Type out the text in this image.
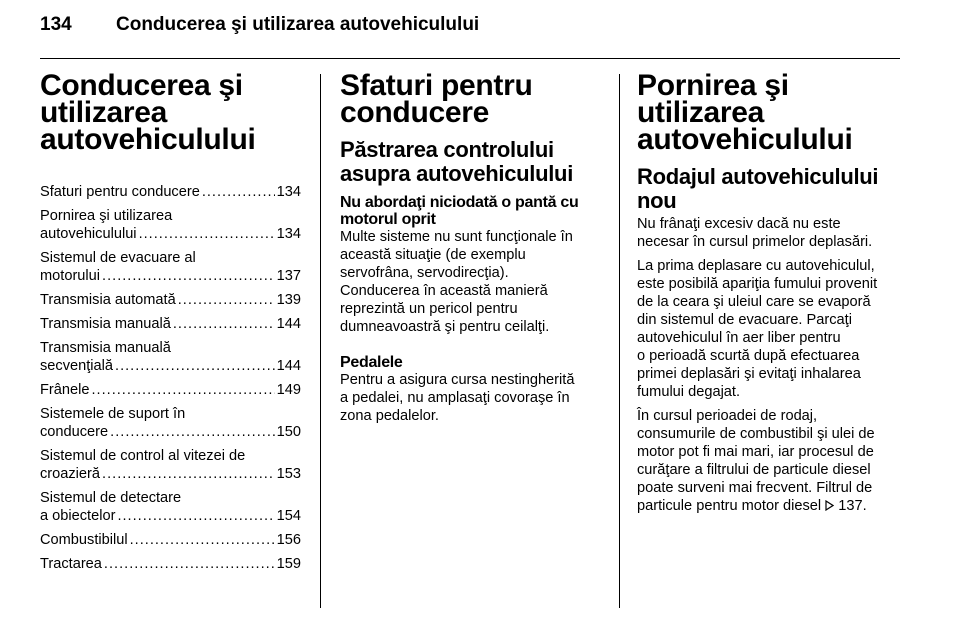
134 Conducerea şi utilizarea autovehiculului
Conducerea şi
utilizarea
autovehiculului
Sfaturi pentru conducere .....	134
Pornirea şi utilizarea
autovehiculului .....	134
Sistemul de evacuare al
motorului .....	137
Transmisia automată .....	139
Transmisia manuală .....	144
Transmisia manuală
secvenţială .....	144
Frânele .....	149
Sistemele de suport în
conducere .....	150
Sistemul de control al vitezei de
croazieră .....	153
Sistemul de detectare
a obiectelor .....	154
Combustibilul .....	156
Tractarea .....	159
Sfaturi pentru
conducere
Păstrarea controlului
asupra autovehiculului
Nu abordaţi niciodată o pantă cu
motorul oprit
Multe sisteme nu sunt funcţionale în
această situaţie (de exemplu
servofrâna, servodirecţia).
Conducerea în această manieră
reprezintă un pericol pentru
dumneavoastră şi pentru ceilalţi.
Pedalele
Pentru a asigura cursa nestingherită
a pedalei, nu amplasaţi covoraşe în
zona pedalelor.
Pornirea şi utilizarea
autovehiculului
Rodajul autovehiculului
nou
Nu frânaţi excesiv dacă nu este
necesar în cursul primelor deplasări.
La prima deplasare cu autovehiculul,
este posibilă apariţia fumului provenit
de la ceara şi uleiul care se evaporă
din sistemul de evacuare. Parcaţi
autovehiculul în aer liber pentru
o perioadă scurtă după efectuarea
primei deplasări şi evitaţi inhalarea
fumului degajat.
În cursul perioadei de rodaj,
consumurile de combustibil şi ulei de
motor pot fi mai mari, iar procesul de
curăţare a filtrului de particule diesel
poate surveni mai frecvent. Filtrul de
particule pentru motor diesel 137.
